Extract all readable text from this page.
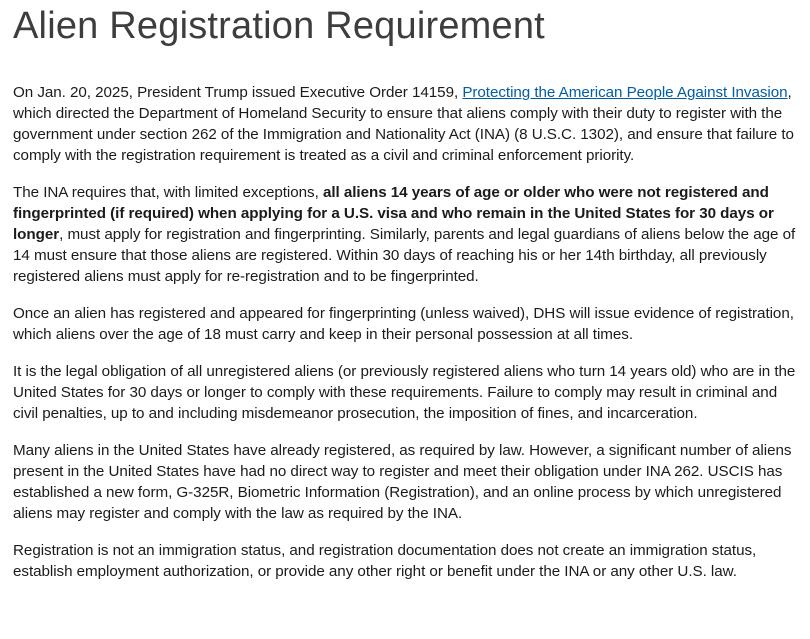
Alien Registration Requirement

On Jan. 20, 2025, President Trump issued Executive Order 14159, Protecting the American People Against Invasion, which directed the Department of Homeland Security to ensure that aliens comply with their duty to register with the government under section 262 of the Immigration and Nationality Act (INA) (8 U.S.C. 1302), and ensure that failure to comply with the registration requirement is treated as a civil and criminal enforcement priority.

The INA requires that, with limited exceptions, all aliens 14 years of age or older who were not registered and fingerprinted (if required) when applying for a U.S. visa and who remain in the United States for 30 days or longer, must apply for registration and fingerprinting. Similarly, parents and legal guardians of aliens below the age of 14 must ensure that those aliens are registered. Within 30 days of reaching his or her 14th birthday, all previously registered aliens must apply for re-registration and to be fingerprinted.

Once an alien has registered and appeared for fingerprinting (unless waived), DHS will issue evidence of registration, which aliens over the age of 18 must carry and keep in their personal possession at all times.

It is the legal obligation of all unregistered aliens (or previously registered aliens who turn 14 years old) who are in the United States for 30 days or longer to comply with these requirements. Failure to comply may result in criminal and civil penalties, up to and including misdemeanor prosecution, the imposition of fines, and incarceration.

Many aliens in the United States have already registered, as required by law. However, a significant number of aliens present in the United States have had no direct way to register and meet their obligation under INA 262. USCIS has established a new form, G-325R, Biometric Information (Registration), and an online process by which unregistered aliens may register and comply with the law as required by the INA.

Registration is not an immigration status, and registration documentation does not create an immigration status, establish employment authorization, or provide any other right or benefit under the INA or any other U.S. law.
